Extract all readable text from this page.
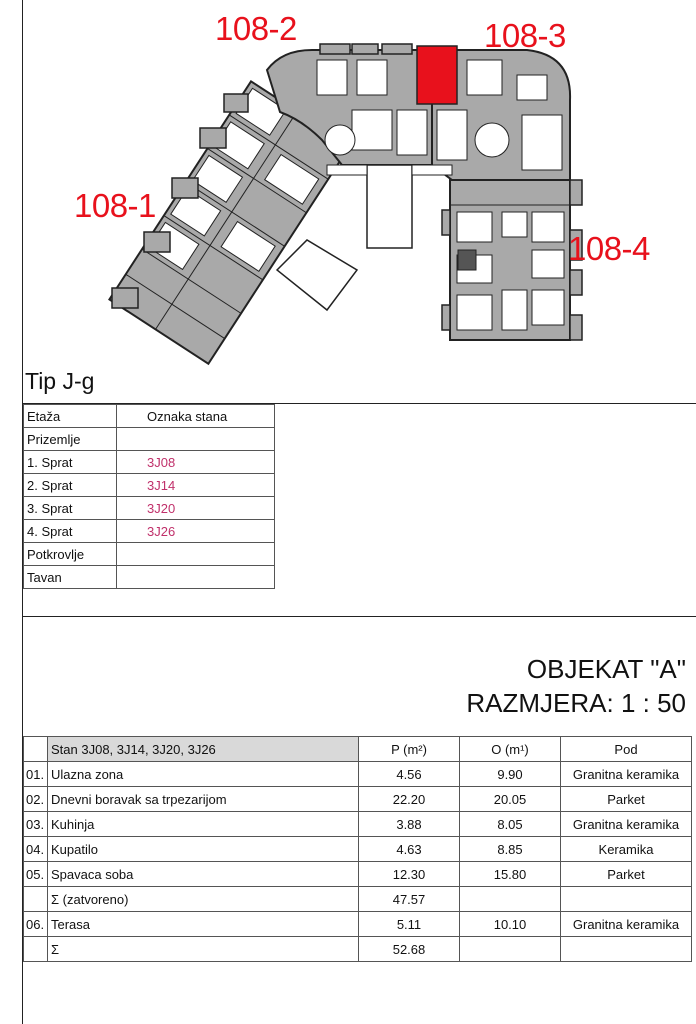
108-2	108-3
108-1
108-4
Tip J-g
Etaža	Oznaka stana
Prizemlje	
1. Sprat	3J08
2. Sprat	3J14
3. Sprat	3J20
4. Sprat	3J26
Potkrovlje	
Tavan	
OBJEKAT "A"
RAZMJERA: 1 : 50
	Stan 3J08, 3J14, 3J20, 3J26	P (m²)	O (m¹)	Pod
01.	Ulazna zona	4.56	9.90	Granitna keramika
02.	Dnevni boravak sa trpezarijom	22.20	20.05	Parket
03.	Kuhinja	3.88	8.05	Granitna keramika
04.	Kupatilo	4.63	8.85	Keramika
05.	Spavaca soba	12.30	15.80	Parket
	Σ (zatvoreno)	47.57		
06.	Terasa	5.11	10.10	Granitna keramika
	Σ	52.68		
